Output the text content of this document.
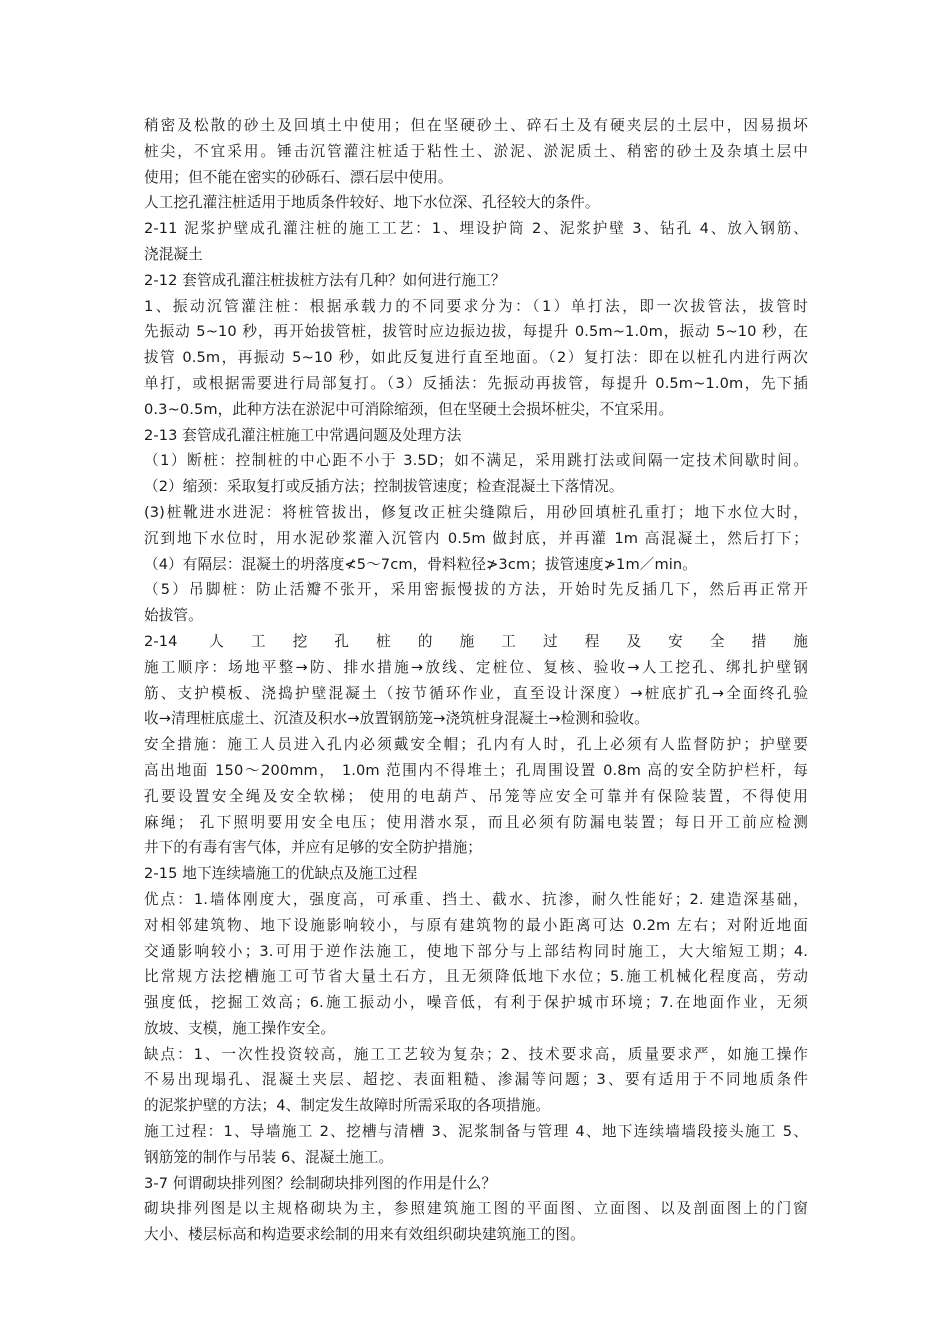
稍密及松散的砂土及回填土中使用；但在坚硬砂土、碎石土及有硬夹层的土层中，因易损坏
桩尖，不宜采用。锤击沉管灌注桩适于粘性土、淤泥、淤泥质土、稍密的砂土及杂填土层中
使用；但不能在密实的砂砾石、漂石层中使用。
人工挖孔灌注桩适用于地质条件较好、地下水位深、孔径较大的条件。
2-11 泥浆护壁成孔灌注桩的施工工艺：1、埋设护筒 2、泥浆护壁 3、钻孔 4、放入钢筋、
浇混凝土
2-12 套管成孔灌注桩拔桩方法有几种？如何进行施工？
1、振动沉管灌注桩：根据承载力的不同要求分为：（1）单打法，即一次拔管法，拔管时
先振动 5~10 秒，再开始拔管桩，拔管时应边振边拔，每提升 0.5m~1.0m，振动 5~10 秒，在
拔管 0.5m，再振动 5~10 秒，如此反复进行直至地面。（2）复打法：即在以桩孔内进行两次
单打，或根据需要进行局部复打。（3）反插法：先振动再拔管，每提升 0.5m~1.0m，先下插
0.3~0.5m，此种方法在淤泥中可消除缩颈，但在坚硬土会损坏桩尖，不宜采用。
2-13 套管成孔灌注桩施工中常遇问题及处理方法
（1）断桩：控制桩的中心距不小于 3.5D；如不满足，采用跳打法或间隔一定技术间歇时间。
（2）缩颈：采取复打或反插方法；控制拔管速度；检查混凝土下落情况。
(3)桩靴进水进泥：将桩管拔出，修复改正桩尖缝隙后，用砂回填桩孔重打；地下水位大时，
沉到地下水位时，用水泥砂浆灌入沉管内 0.5m 做封底，并再灌 1m 高混凝土，然后打下；
（4）有隔层：混凝土的坍落度≮5～7cm，骨料粒径≯3cm；拔管速度≯1m／min。
（5）吊脚桩：防止活瓣不张开，采用密振慢拔的方法，开始时先反插几下，然后再正常开
始拔管。
2-14 人工挖孔桩的施工过程及安全措施
施工顺序：场地平整→防、排水措施→放线、定桩位、复核、验收→人工挖孔、绑扎护壁钢
筋、支护模板、浇捣护壁混凝土（按节循环作业，直至设计深度）→桩底扩孔→全面终孔验
收→清理桩底虚土、沉渣及积水→放置钢筋笼→浇筑桩身混凝土→检测和验收。
安全措施：施工人员进入孔内必须戴安全帽；孔内有人时，孔上必须有人监督防护；护壁要
高出地面 150～200mm， 1.0m 范围内不得堆土；孔周围设置 0.8m 高的安全防护栏杆，每
孔要设置安全绳及安全软梯； 使用的电葫芦、吊笼等应安全可靠并有保险装置，不得使用
麻绳； 孔下照明要用安全电压；使用潜水泵，而且必须有防漏电装置；每日开工前应检测
井下的有毒有害气体，并应有足够的安全防护措施；
2-15 地下连续墙施工的优缺点及施工过程
优点：1.墙体刚度大，强度高，可承重、挡土、截水、抗渗，耐久性能好；2. 建造深基础，
对相邻建筑物、地下设施影响较小，与原有建筑物的最小距离可达 0.2m 左右；对附近地面
交通影响较小；3.可用于逆作法施工，使地下部分与上部结构同时施工，大大缩短工期；4.
比常规方法挖槽施工可节省大量土石方，且无须降低地下水位；5.施工机械化程度高，劳动
强度低，挖掘工效高；6.施工振动小，噪音低，有利于保护城市环境；7.在地面作业，无须
放坡、支模，施工操作安全。
缺点：1、一次性投资较高，施工工艺较为复杂；2、技术要求高，质量要求严，如施工操作
不易出现塌孔、混凝土夹层、超挖、表面粗糙、渗漏等问题；3、要有适用于不同地质条件
的泥浆护壁的方法；4、制定发生故障时所需采取的各项措施。
施工过程：1、导墙施工 2、挖槽与清槽 3、泥浆制备与管理 4、地下连续墙墙段接头施工 5、
钢筋笼的制作与吊装 6、混凝土施工。
3-7 何谓砌块排列图？绘制砌块排列图的作用是什么？
砌块排列图是以主规格砌块为主，参照建筑施工图的平面图、立面图、以及剖面图上的门窗
大小、楼层标高和构造要求绘制的用来有效组织砌块建筑施工的图。
